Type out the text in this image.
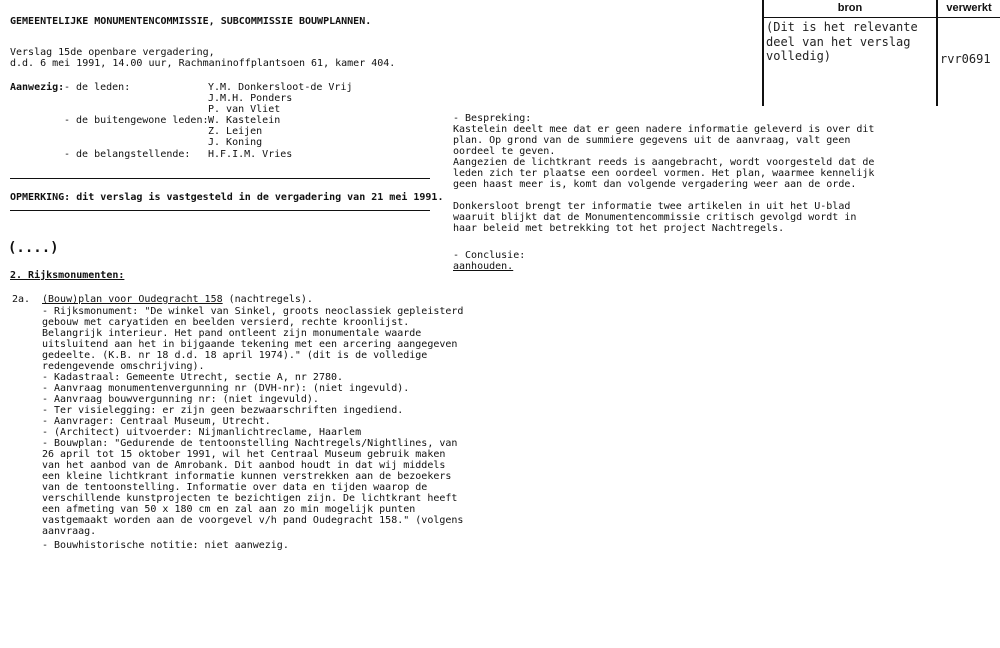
bron	verwerkt
(Dit is het relevante
deel van het verslag
volledig)	rvr0691
GEMEENTELIJKE MONUMENTENCOMMISSIE, SUBCOMMISSIE BOUWPLANNEN.
Verslag 15de openbare vergadering,
d.d. 6 mei 1991, 14.00 uur, Rachmaninoffplantsoen 61, kamer 404.
Aanwezig: - de leden:	Y.M. Donkersloot-de Vrij
J.M.H. Ponders
P. van Vliet
- de buitengewone leden: W. Kastelein
Z. Leijen
J. Koning
- de belangstellende: H.F.I.M. Vries
OPMERKING: dit verslag is vastgesteld in de vergadering van 21 mei 1991.
(....)
2. Rijksmonumenten:
2a. (Bouw)plan voor Oudegracht 158 (nachtregels).
- Rijksmonument: "De winkel van Sinkel, groots neoclassiek gepleisterd
gebouw met caryatiden en beelden versierd, rechte kroonlijst.
Belangrijk interieur. Het pand ontleent zijn monumentale waarde
uitsluitend aan het in bijgaande tekening met een arcering aangegeven
gedeelte. (K.B. nr 18 d.d. 18 april 1974)." (dit is de volledige
redengevende omschrijving).
- Kadastraal: Gemeente Utrecht, sectie A, nr 2780.
- Aanvraag monumentenvergunning nr (DVH-nr): (niet ingevuld).
- Aanvraag bouwvergunning nr: (niet ingevuld).
- Ter visielegging: er zijn geen bezwaarschriften ingediend.
- Aanvrager: Centraal Museum, Utrecht.
- (Architect) uitvoerder: Nijmanlichtreclame, Haarlem
- Bouwplan: "Gedurende de tentoonstelling Nachtregels/Nightlines, van
26 april tot 15 oktober 1991, wil het Centraal Museum gebruik maken
van het aanbod van de Amrobank. Dit aanbod houdt in dat wij middels
een kleine lichtkrant informatie kunnen verstrekken aan de bezoekers
van de tentoonstelling. Informatie over data en tijden waarop de
verschillende kunstprojecten te bezichtigen zijn. De lichtkrant heeft
een afmeting van 50 x 180 cm en zal aan zo min mogelijk punten
vastgemaakt worden aan de voorgevel v/h pand Oudegracht 158." (volgens
aanvraag.
- Bouwhistorische notitie: niet aanwezig.
- Bespreking:
Kastelein deelt mee dat er geen nadere informatie geleverd is over dit
plan. Op grond van de summiere gegevens uit de aanvraag, valt geen
oordeel te geven.
Aangezien de lichtkrant reeds is aangebracht, wordt voorgesteld dat de
leden zich ter plaatse een oordeel vormen. Het plan, waarmee kennelijk
geen haast meer is, komt dan volgende vergadering weer aan de orde.
Donkersloot brengt ter informatie twee artikelen in uit het U-blad
waaruit blijkt dat de Monumentencommissie critisch gevolgd wordt in
haar beleid met betrekking tot het project Nachtregels.
- Conclusie:
aanhouden.
